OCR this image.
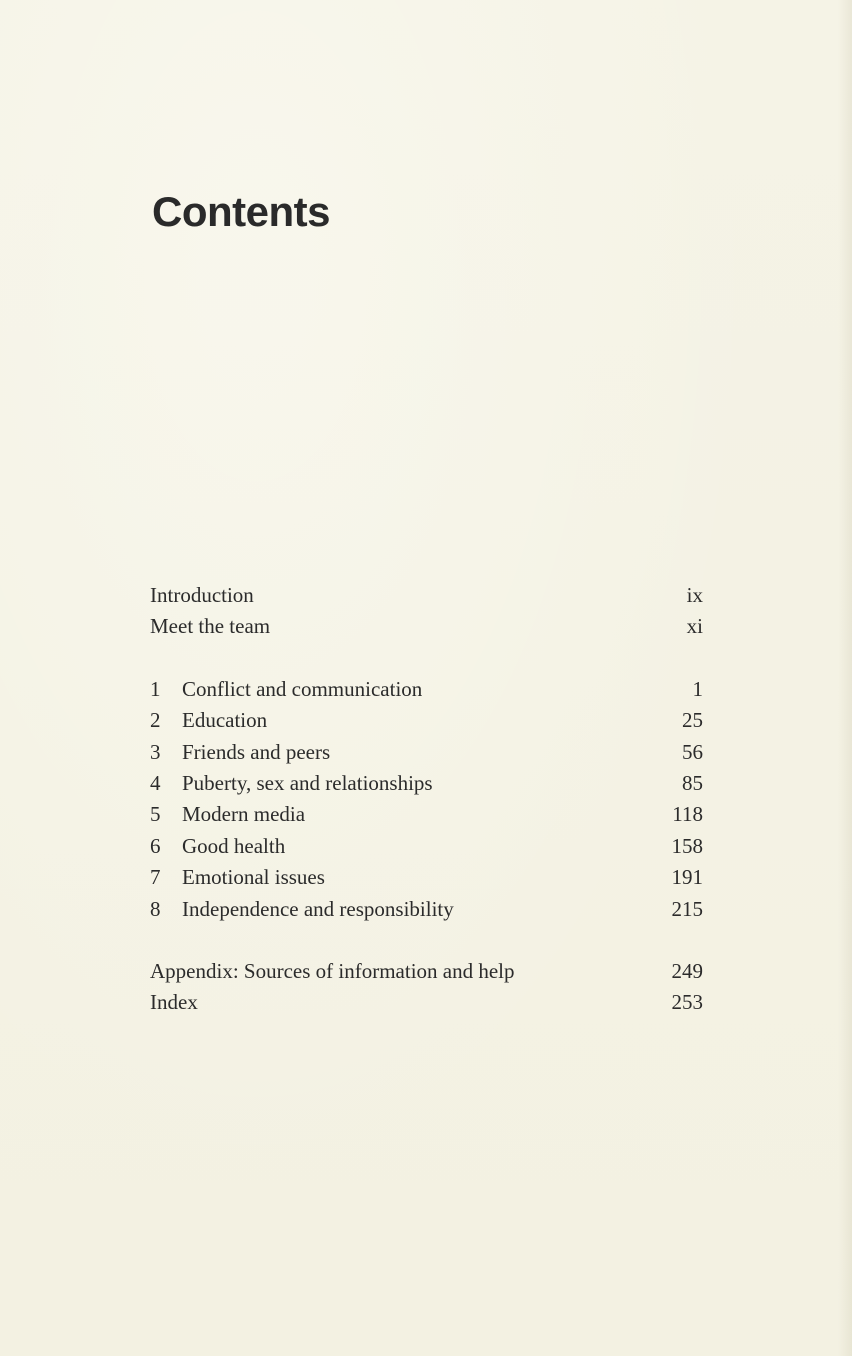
Contents
Introduction	ix
Meet the team	xi
1 Conflict and communication	1
2 Education	25
3 Friends and peers	56
4 Puberty, sex and relationships	85
5 Modern media	118
6 Good health	158
7 Emotional issues	191
8 Independence and responsibility	215
Appendix: Sources of information and help	249
Index	253
